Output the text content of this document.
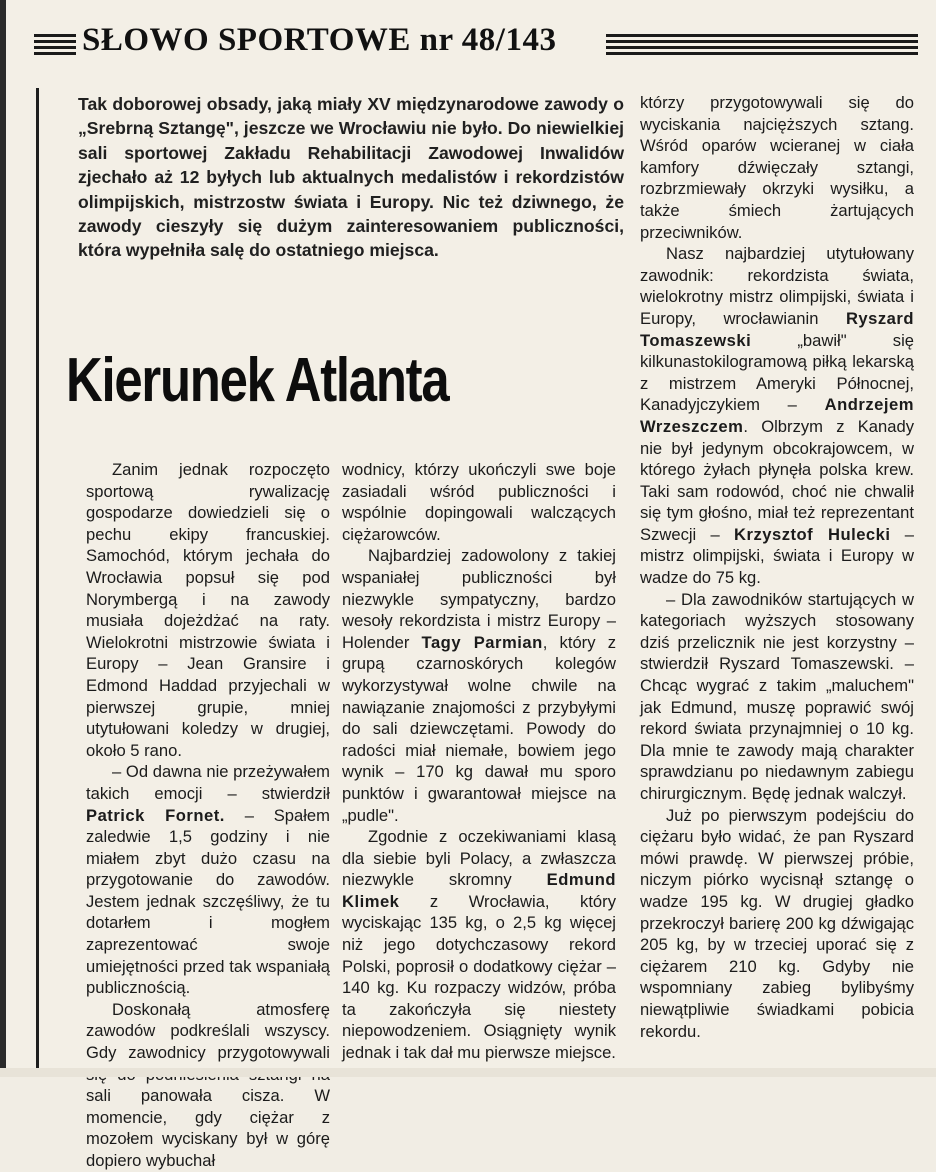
SŁOWO SPORTOWE nr 48/143
Tak doborowej obsady, jaką miały XV międzynarodowe zawody o „Srebrną Sztangę", jeszcze we Wrocławiu nie było. Do niewielkiej sali sportowej Zakładu Rehabilitacji Zawodowej Inwalidów zjechało aż 12 byłych lub aktualnych medalistów i rekordzistów olimpijskich, mistrzostw świata i Europy. Nic też dziwnego, że zawody cieszyły się dużym zainteresowaniem publiczności, która wypełniła salę do ostatniego miejsca.
Kierunek Atlanta

Zanim jednak rozpoczęto sportową rywalizację gospodarze dowiedzieli się o pechu ekipy francuskiej. Samochód, którym jechała do Wrocławia popsuł się pod Norymbergą i na zawody musiała dojeżdżać na raty. Wielokrotni mistrzowie świata i Europy – Jean Gransire i Edmond Haddad przyjechali w pierwszej grupie, mniej utytułowani koledzy w drugiej, około 5 rano.

– Od dawna nie przeżywałem takich emocji – stwierdził Patrick Fornet. – Spałem zaledwie 1,5 godziny i nie miałem zbyt dużo czasu na przygotowanie do zawodów. Jestem jednak szczęśliwy, że tu dotarłem i mogłem zaprezentować swoje umiejętności przed tak wspaniałą publicznością.

Doskonałą atmosferę zawodów podkreślali wszyscy. Gdy zawodnicy przygotowywali sali panowała cisza. W momencie, gdy ciężar z mozołem wyciskany był w górę dopiero wybuchał

wodnicy, którzy ukończyli swe boje zasiadali wśród publiczności i wspólnie dopingowali walczących ciężarowców.

Najbardziej zadowolony z takiej wspaniałej publiczności był niezwykle sympatyczny, bardzo wesoły rekordzista i mistrz Europy – Holender Tagy Parmian, który z grupą czarnoskórych kolegów wykorzystywał wolne chwile na nawiązanie znajomości z przybyłymi do sali dziewczętami. Powody do radości miał niemałe, bowiem jego wynik – 170 kg dawał mu sporo punktów i gwarantował miejsce na „pudle".

Zgodnie z oczekiwaniami klasą dla siebie byli Polacy, a zwłaszcza niezwykle skromny Edmund Klimek z Wrocławia, który wyciskając 135 kg, o 2,5 kg więcej niż jego dotychczasowy rekord Polski, poprosił o dodatkowy ciężar – 140 kg. Ku rozpaczy widzów, próba ta zakończyła się niestety niepowodzeniem. Osiągnięty wynik jednak i tak dał mu pierwsze miejsce.

którzy przygotowywali się do wyciskania najcięższych sztang. Wśród oparów wcieranej w ciała kamfory dźwięczały sztangi, rozbrzmiewały okrzyki wysiłku, a także śmiech żartujących przeciwników.

Nasz najbardziej utytułowany zawodnik: rekordzista świata, wielokrotny mistrz olimpijski, świata i Europy, wrocławianin Ryszard Tomaszewski „bawił" się kilkunastokilogramową piłką lekarską z mistrzem Ameryki Północnej, Kanadyjczykiem – Andrzejem Wrzeszczem. Olbrzym z Kanady nie był jedynym obcokrajowcem, w którego żyłach płynęła polska krew. Taki sam rodowód, choć nie chwalił się tym głośno, miał też reprezentant Szwecji – Krzysztof Hulecki – mistrz olimpijski, świata i Europy w wadze do 75 kg.

– Dla zawodników startujących w kategoriach wyższych stosowany dziś przelicznik nie jest korzystny – stwierdził Ryszard Tomaszewski. – Chcąc wygrać z takim „maluchem" jak Edmund, muszę poprawić swój rekord świata przynajmniej o 10 kg. Dla mnie te zawody mają charakter sprawdzianu po niedawnym zabiegu chirurgicznym. Będę jednak walczył.

Już po pierwszym podejściu do ciężaru było widać, że pan Ryszard mówi prawdę. W pierwszej próbie, niczym piórko wycisnął sztangę o wadze 195 kg. W drugiej gładko przekroczył barierę 200 kg dźwigając 205 kg, by w trzeciej uporać się z ciężarem 210 kg. Gdyby nie wspomniany zabieg bylibyśmy niewątpliwie świadkami pobicia rekordu.
